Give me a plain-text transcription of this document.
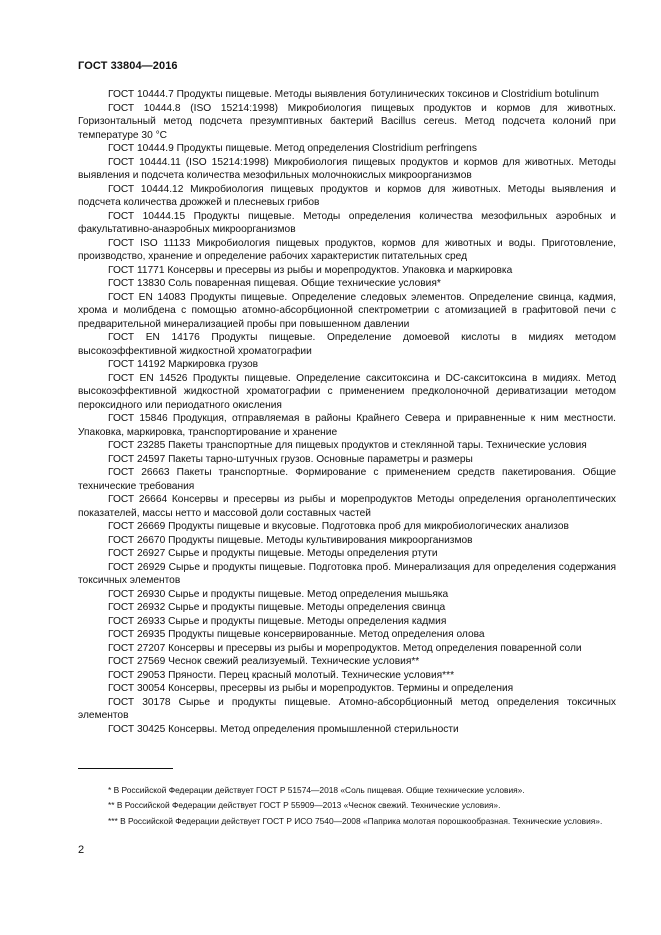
ГОСТ 33804—2016

ГОСТ 10444.7 Продукты пищевые. Методы выявления ботулинических токсинов и Clostridium botulinum

ГОСТ 10444.8 (ISO 15214:1998) Микробиология пищевых продуктов и кормов для животных. Горизонтальный метод подсчета презумптивных бактерий Bacillus cereus. Метод подсчета колоний при температуре 30 °C

ГОСТ 10444.9 Продукты пищевые. Метод определения Clostridium perfringens

ГОСТ 10444.11 (ISO 15214:1998) Микробиология пищевых продуктов и кормов для животных. Методы выявления и подсчета количества мезофильных молочнокислых микроорганизмов

ГОСТ 10444.12 Микробиология пищевых продуктов и кормов для животных. Методы выявления и подсчета количества дрожжей и плесневых грибов

ГОСТ 10444.15 Продукты пищевые. Методы определения количества мезофильных аэробных и факультативно-анаэробных микроорганизмов

ГОСТ ISO 11133 Микробиология пищевых продуктов, кормов для животных и воды. Приготовление, производство, хранение и определение рабочих характеристик питательных сред

ГОСТ 11771 Консервы и пресервы из рыбы и морепродуктов. Упаковка и маркировка

ГОСТ 13830 Соль поваренная пищевая. Общие технические условия*

ГОСТ EN 14083 Продукты пищевые. Определение следовых элементов. Определение свинца, кадмия, хрома и молибдена с помощью атомно-абсорбционной спектрометрии с атомизацией в графитовой печи с предварительной минерализацией пробы при повышенном давлении

ГОСТ EN 14176 Продукты пищевые. Определение домоевой кислоты в мидиях методом высокоэффективной жидкостной хроматографии

ГОСТ 14192 Маркировка грузов

ГОСТ EN 14526 Продукты пищевые. Определение сакситоксина и DC-сакситоксина в мидиях. Метод высокоэффективной жидкостной хроматографии с применением предколоночной дериватизации методом пероксидного или периодатного окисления

ГОСТ 15846 Продукция, отправляемая в районы Крайнего Севера и приравненные к ним местности. Упаковка, маркировка, транспортирование и хранение

ГОСТ 23285 Пакеты транспортные для пищевых продуктов и стеклянной тары. Технические условия

ГОСТ 24597 Пакеты тарно-штучных грузов. Основные параметры и размеры

ГОСТ 26663 Пакеты транспортные. Формирование с применением средств пакетирования. Общие технические требования

ГОСТ 26664 Консервы и пресервы из рыбы и морепродуктов Методы определения органолептических показателей, массы нетто и массовой доли составных частей

ГОСТ 26669 Продукты пищевые и вкусовые. Подготовка проб для микробиологических анализов

ГОСТ 26670 Продукты пищевые. Методы культивирования микроорганизмов

ГОСТ 26927 Сырье и продукты пищевые. Методы определения ртути

ГОСТ 26929 Сырье и продукты пищевые. Подготовка проб. Минерализация для определения содержания токсичных элементов

ГОСТ 26930 Сырье и продукты пищевые. Метод определения мышьяка

ГОСТ 26932 Сырье и продукты пищевые. Методы определения свинца

ГОСТ 26933 Сырье и продукты пищевые. Методы определения кадмия

ГОСТ 26935 Продукты пищевые консервированные. Метод определения олова

ГОСТ 27207 Консервы и пресервы из рыбы и морепродуктов. Метод определения поваренной соли

ГОСТ 27569 Чеснок свежий реализуемый. Технические условия**

ГОСТ 29053 Пряности. Перец красный молотый. Технические условия***

ГОСТ 30054 Консервы, пресервы из рыбы и морепродуктов. Термины и определения

ГОСТ 30178 Сырье и продукты пищевые. Атомно-абсорбционный метод определения токсичных элементов

ГОСТ 30425 Консервы. Метод определения промышленной стерильности

* В Российской Федерации действует ГОСТ Р 51574—2018 «Соль пищевая. Общие технические условия».

** В Российской Федерации действует ГОСТ Р 55909—2013 «Чеснок свежий. Технические условия».

*** В Российской Федерации действует ГОСТ Р ИСО 7540—2008 «Паприка молотая порошкообразная. Технические условия».

2
